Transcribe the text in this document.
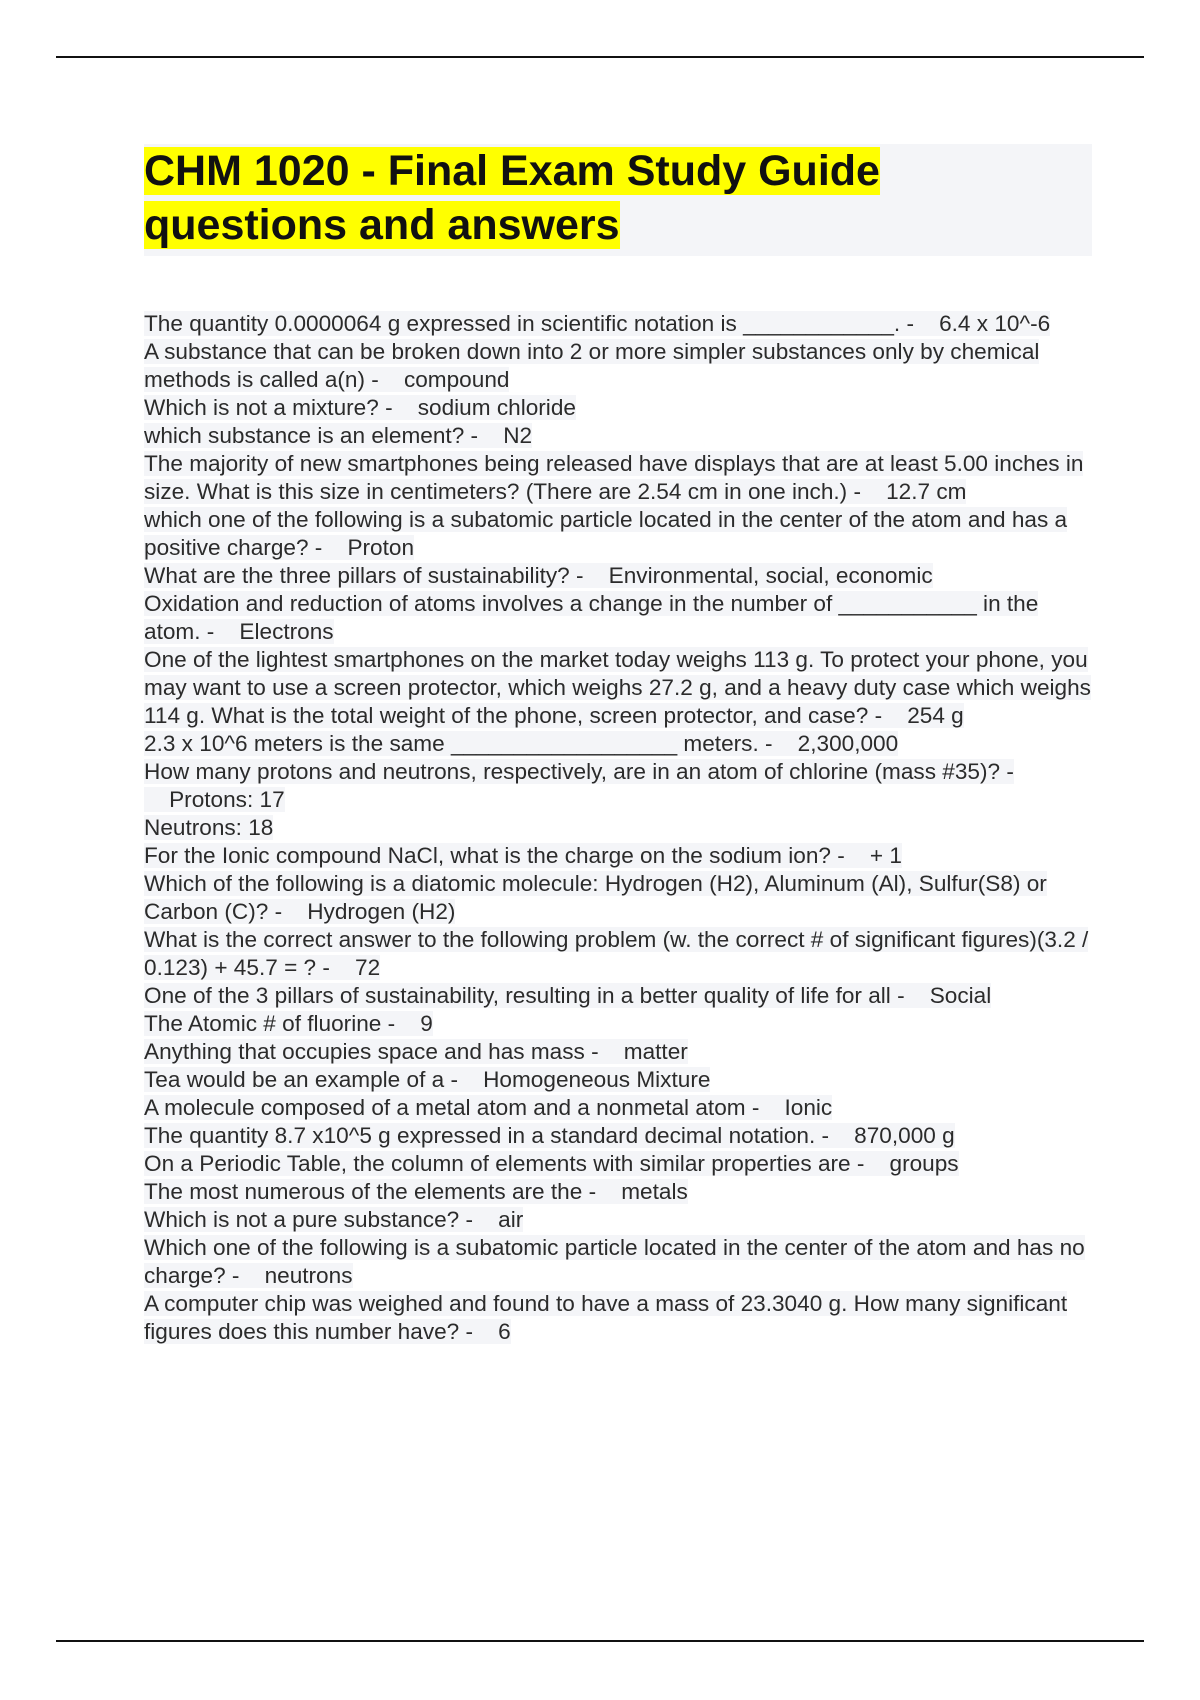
CHM 1020 - Final Exam Study Guide
questions and answers
The quantity 0.0000064 g expressed in scientific notation is ____________. - 6.4 x 10^-6
A substance that can be broken down into 2 or more simpler substances only by chemical methods is called a(n) - compound
Which is not a mixture? - sodium chloride
which substance is an element? - N2
The majority of new smartphones being released have displays that are at least 5.00 inches in size. What is this size in centimeters? (There are 2.54 cm in one inch.) - 12.7 cm
which one of the following is a subatomic particle located in the center of the atom and has a positive charge? - Proton
What are the three pillars of sustainability? - Environmental, social, economic
Oxidation and reduction of atoms involves a change in the number of ___________ in the atom. - Electrons
One of the lightest smartphones on the market today weighs 113 g. To protect your phone, you may want to use a screen protector, which weighs 27.2 g, and a heavy duty case which weighs 114 g. What is the total weight of the phone, screen protector, and case? - 254 g
2.3 x 10^6 meters is the same __________________ meters. - 2,300,000
How many protons and neutrons, respectively, are in an atom of chlorine (mass #35)? -    Protons: 17
Neutrons: 18
For the Ionic compound NaCl, what is the charge on the sodium ion? - + 1
Which of the following is a diatomic molecule: Hydrogen (H2), Aluminum (Al), Sulfur(S8) or Carbon (C)? - Hydrogen (H2)
What is the correct answer to the following problem (w. the correct # of significant figures)(3.2 / 0.123) + 45.7 = ? - 72
One of the 3 pillars of sustainability, resulting in a better quality of life for all - Social
The Atomic # of fluorine - 9
Anything that occupies space and has mass - matter
Tea would be an example of a - Homogeneous Mixture
A molecule composed of a metal atom and a nonmetal atom - Ionic
The quantity 8.7 x10^5 g expressed in a standard decimal notation. - 870,000 g
On a Periodic Table, the column of elements with similar properties are - groups
The most numerous of the elements are the - metals
Which is not a pure substance? - air
Which one of the following is a subatomic particle located in the center of the atom and has no charge? - neutrons
A computer chip was weighed and found to have a mass of 23.3040 g. How many significant figures does this number have? - 6
